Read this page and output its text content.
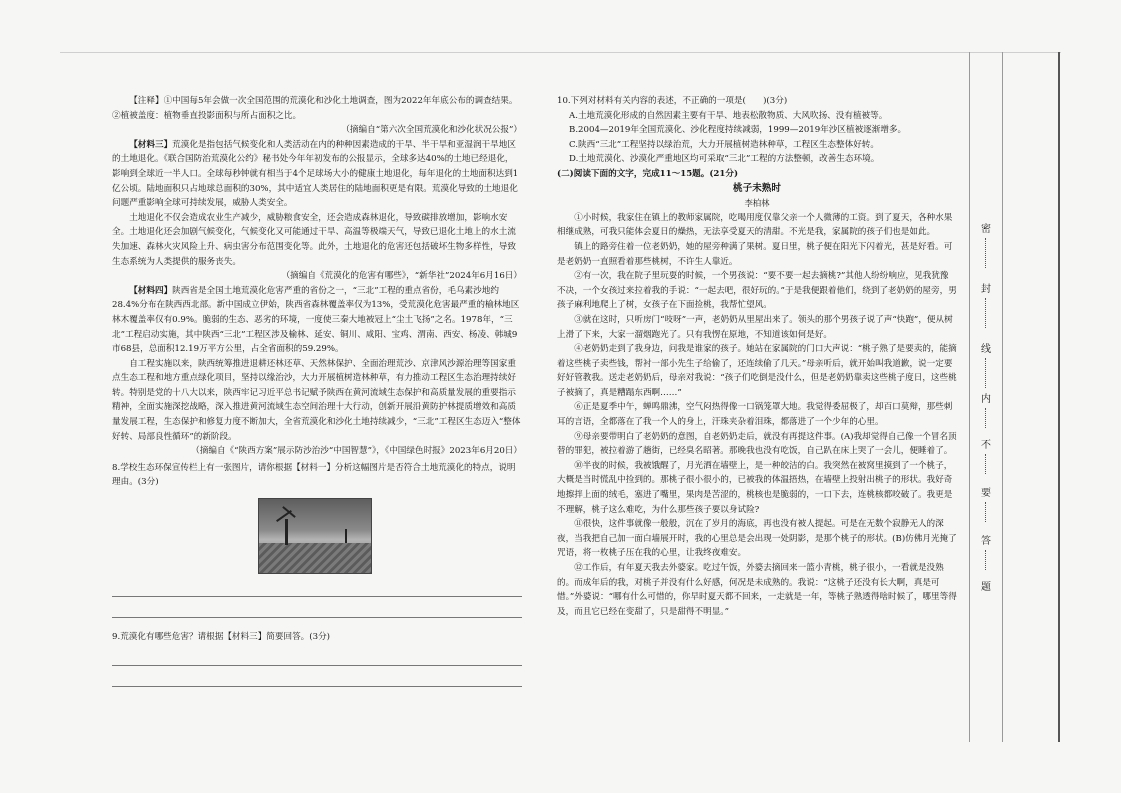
【注释】①中国每5年会做一次全国范围的荒漠化和沙化土地调查，图为2022年年底公布的调查结果。②植被盖度：植物垂直投影面积与所占面积之比。

（摘编自“第六次全国荒漠化和沙化状况公报”）

【材料三】荒漠化是指包括气候变化和人类活动在内的种种因素造成的干旱、半干旱和亚湿润干旱地区的土地退化。《联合国防治荒漠化公约》秘书处今年年初发布的公报显示，全球多达40%的土地已经退化，影响到全球近一半人口。全球每秒钟就有相当于4个足球场大小的健康土地退化，每年退化的土地面积达到1亿公顷。陆地面积只占地球总面积的30%，其中适宜人类居住的陆地面积更是有限。荒漠化导致的土地退化问题严重影响全球可持续发展，威胁人类安全。

土地退化不仅会造成农业生产减少，威胁粮食安全，还会造成森林退化，导致碳排放增加，影响水安全。土地退化还会加剧气候变化，气候变化又可能通过干旱、高温等极端天气，导致已退化土地上的水土流失加速、森林火灾风险上升、病虫害分布范围变化等。此外，土地退化的危害还包括破坏生物多样性，导致生态系统为人类提供的服务丧失。

（摘编自《荒漠化的危害有哪些》，“新华社”2024年6月16日）

【材料四】陕西省是全国土地荒漠化危害严重的省份之一，“三北”工程的重点省份，毛乌素沙地约28.4%分布在陕西西北部。新中国成立伊始，陕西省森林覆盖率仅为13%，受荒漠化危害最严重的榆林地区林木覆盖率仅有0.9%。脆弱的生态、恶劣的环境，一度使三秦大地被冠上“尘土飞扬”之名。1978年，“三北”工程启动实施，其中陕西“三北”工程区涉及榆林、延安、铜川、咸阳、宝鸡、渭南、西安、杨凌、韩城9市68县，总面积12.19万平方公里，占全省面积的59.29%。

自工程实施以来，陕西统筹推进退耕还林还草、天然林保护、全面治理荒沙、京津风沙源治理等国家重点生态工程和地方重点绿化项目，坚持以缘治沙，大力开展植树造林种草，有力推动工程区生态治理持续好转。特别是党的十八大以来，陕西牢记习近平总书记赋予陕西在黄河流域生态保护和高质量发展的重要指示精神，全面实施深挖战略，深入推进黄河流域生态空间治理十大行动，创新开展沿黄防护林提质增效和高质量发展工程，生态保护和修复力度不断加大，全省荒漠化和沙化土地持续减少，“三北”工程区生态迈入“整体好转、局部良性循环”的新阶段。

（摘编自《“陕西方案”展示防沙治沙“中国智慧”》，《中国绿色时报》2023年6月20日）

8.学校生态环保宣传栏上有一张图片，请你根据【材料一】分析这幅图片是否符合土地荒漠化的特点，说明理由。(3分)

9.荒漠化有哪些危害？请根据【材料三】简要回答。(3分)

10.下列对材料有关内容的表述，不正确的一项是(　　)(3分)

A.土地荒漠化形成的自然因素主要有干旱、地表松散物质、大风吹扬、没有植被等。

B.2004—2019年全国荒漠化、沙化程度持续减弱，1999—2019年沙区植被逐渐增多。

C.陕西“三北”工程坚持以绿治荒，大力开展植树造林种草，工程区生态整体好转。

D.土地荒漠化、沙漠化严重地区均可采取“三北”工程的方法整顿，改善生态环境。

(二)阅读下面的文字，完成11～15题。(21分)

桃子未熟时

李柏林

①小时候，我家住在镇上的教师家属院，吃喝用度仅靠父亲一个人微薄的工资。到了夏天，各种水果相继成熟，可我只能体会夏日的燥热，无法享受夏天的清甜。不光是我，家属院的孩子们也是如此。

镇上的路旁住着一位老奶奶，她的屋旁种满了果树。夏日里，桃子便在阳光下闪着光，甚是好看。可是老奶奶一直照看着那些桃树，不许生人靠近。

②有一次，我在院子里玩耍的时候，一个男孩说：“要不要一起去摘桃?”其他人纷纷响应，见我犹豫不决，一个女孩过来拉着我的手说：“一起去吧，很好玩的。”于是我便跟着他们，绕到了老奶奶的屋旁，男孩子麻利地爬上了树，女孩子在下面捡桃，我帮忙望风。

③就在这时，只听房门“吱呀”一声，老奶奶从里屋出来了。领头的那个男孩子说了声“快跑”，便从树上滑了下来，大家一溜烟跑光了。只有我愣在原地，不知道该如何是好。

④老奶奶走到了我身边，问我是谁家的孩子。她站在家属院的门口大声说：“桃子熟了是要卖的，能摘着这些桃子卖些钱，帮衬一部小先生子给偷了，还连续偷了几天。”母亲听后，就开始叫我道歉，说一定要好好管教我。送走老奶奶后，母亲对我说：“孩子们吃倒是没什么，但是老奶奶靠卖这些桃子度日，这些桃子被摘了，真是糟蹋东西啊……”

⑥正是夏季中午，蝉鸣鼎沸，空气闷热得像一口锅笼罩大地。我觉得委屈极了，却百口莫辩，那些刺耳的言语，全都落在了我一个人的身上，汗珠夹杂着泪珠，都落进了一个少年的心里。

⑨母亲要带明白了老奶奶的意图，自老奶奶走后，就没有再提这件事。(A)我却觉得自己像一个冒名顶替的罪犯，被拉着游了趟街，已经臭名昭著。那晚我也没有吃饭，自己趴在床上哭了一会儿，便睡着了。

⑩半夜的时候，我被饿醒了，月光洒在墙壁上，是一种皎洁的白。我突然在被窝里摸到了一个桃子，大概是当时慌乱中捡到的。那桃子很小很小的，已被我的体温捂热，在墙壁上投射出桃子的形状。我好奇地擦拌上面的绒毛，塞进了嘴里，果肉是苦涩的，桃核也是脆弱的，一口下去，连桃核都咬破了。我更是不理解，桃子这么难吃，为什么那些孩子要以身试险?

⑪很快，这件事就像一般般，沉在了岁月的海底，再也没有被人提起。可是在无数个寂静无人的深夜，当我把自己加一面白墙展开时，我的心里总是会出现一处阴影，是那个桃子的形状。(B)仿佛月光掩了咒语，将一枚桃子压在我的心里，让我终夜难安。

⑫工作后，有年夏天我去外婆家。吃过午饭，外婆去摘回来一篮小青桃，桃子很小，一看就是没熟的。而成年后的我，对桃子并没有什么好感，何况是未成熟的。我说：“这桃子还没有长大啊，真是可惜。”外婆说：“哪有什么可惜的，你早时夏天都不回来，一走就是一年，等桃子熟透得啥时候了，哪里等得及，而且它已经在变甜了，只是甜得不明显。”

密
封
线
内
不
要
答
题
